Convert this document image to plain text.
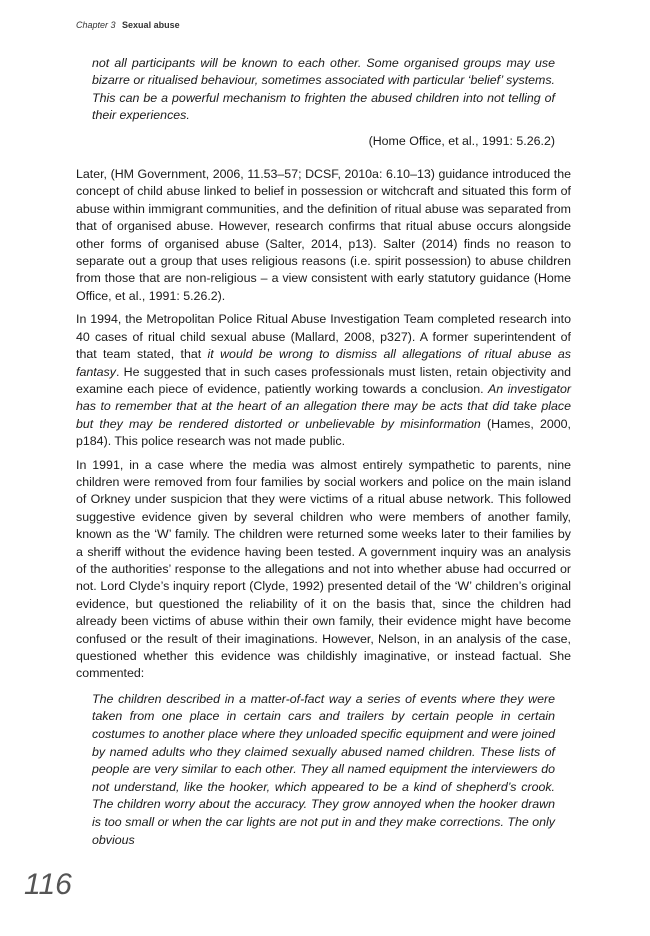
Chapter 3 Sexual abuse
not all participants will be known to each other. Some organised groups may use bizarre or ritualised behaviour, sometimes associated with particular ‘belief’ systems. This can be a powerful mechanism to frighten the abused children into not telling of their experiences.
(Home Office, et al., 1991: 5.26.2)

Later, (HM Government, 2006, 11.53–57; DCSF, 2010a: 6.10–13) guidance introduced the concept of child abuse linked to belief in possession or witchcraft and situated this form of abuse within immigrant communities, and the definition of ritual abuse was separated from that of organised abuse. However, research confirms that ritual abuse occurs alongside other forms of organised abuse (Salter, 2014, p13). Salter (2014) finds no reason to separate out a group that uses religious reasons (i.e. spirit possession) to abuse children from those that are non-religious – a view consistent with early statutory guidance (Home Office, et al., 1991: 5.26.2).

In 1994, the Metropolitan Police Ritual Abuse Investigation Team completed research into 40 cases of ritual child sexual abuse (Mallard, 2008, p327). A former superintendent of that team stated, that it would be wrong to dismiss all allegations of ritual abuse as fantasy. He suggested that in such cases professionals must listen, retain objectivity and examine each piece of evidence, patiently working towards a conclusion. An investigator has to remember that at the heart of an allegation there may be acts that did take place but they may be rendered distorted or unbelievable by misinformation (Hames, 2000, p184). This police research was not made public.

In 1991, in a case where the media was almost entirely sympathetic to parents, nine children were removed from four families by social workers and police on the main island of Orkney under suspicion that they were victims of a ritual abuse network. This followed suggestive evidence given by several children who were members of another family, known as the ‘W’ family. The children were returned some weeks later to their families by a sheriff without the evidence having been tested. A government inquiry was an analysis of the authorities’ response to the allegations and not into whether abuse had occurred or not. Lord Clyde’s inquiry report (Clyde, 1992) presented detail of the ‘W’ children’s original evidence, but questioned the reliability of it on the basis that, since the children had already been victims of abuse within their own family, their evidence might have become confused or the result of their imaginations. However, Nelson, in an analysis of the case, questioned whether this evidence was childishly imaginative, or instead factual. She commented:

The children described in a matter-of-fact way a series of events where they were taken from one place in certain cars and trailers by certain people in certain costumes to another place where they unloaded specific equipment and were joined by named adults who they claimed sexually abused named children. These lists of people are very similar to each other. They all named equipment the interviewers do not understand, like the hooker, which appeared to be a kind of shepherd’s crook. The children worry about the accuracy. They grow annoyed when the hooker drawn is too small or when the car lights are not put in and they make corrections. The only obvious
116
